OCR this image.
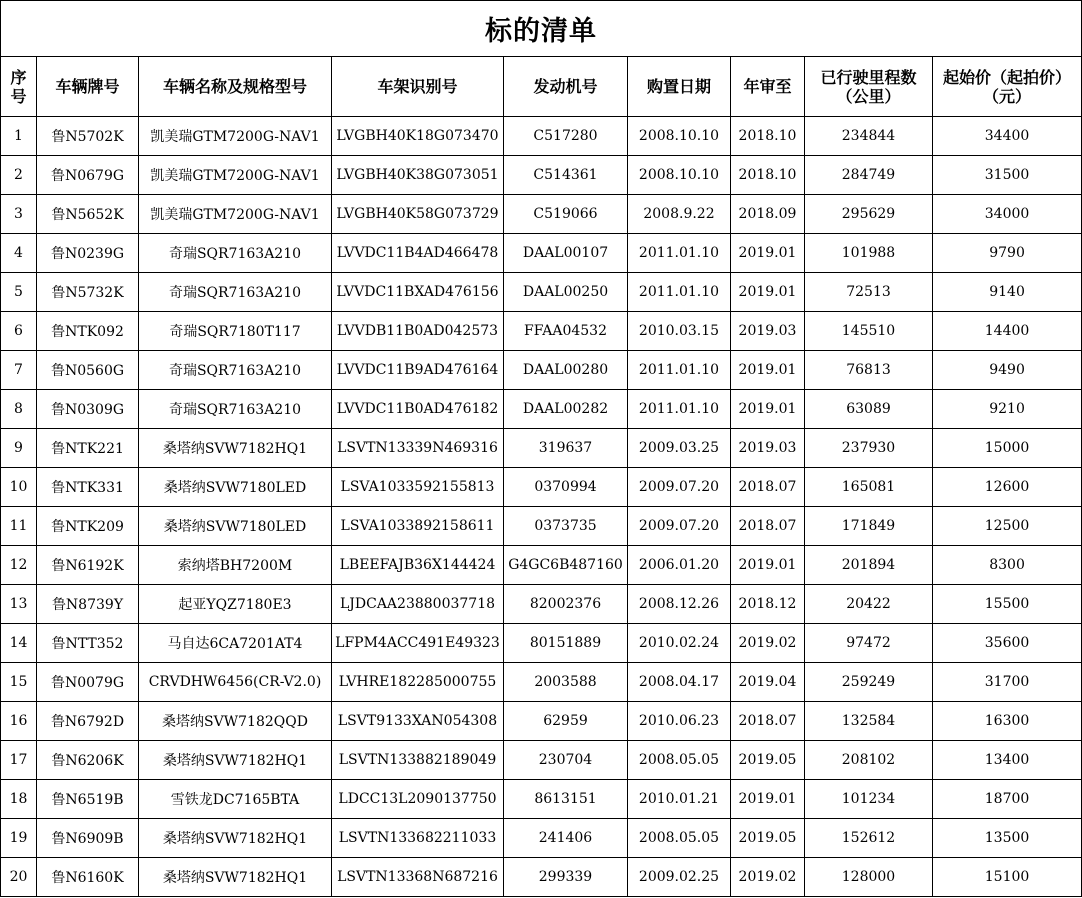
标的清单								
序号	车辆牌号	车辆名称及规格型号	车架识别号	发动机号	购置日期	年审至	已行驶里程数（公里）	起始价（起拍价）（元）
1	鲁N5702K	凯美瑞GTM7200G-NAV1	LVGBH40K18G073470	C517280	2008.10.10	2018.10	234844	34400
2	鲁N0679G	凯美瑞GTM7200G-NAV1	LVGBH40K38G073051	C514361	2008.10.10	2018.10	284749	31500
3	鲁N5652K	凯美瑞GTM7200G-NAV1	LVGBH40K58G073729	C519066	2008.9.22	2018.09	295629	34000
4	鲁N0239G	奇瑞SQR7163A210	LVVDC11B4AD466478	DAAL00107	2011.01.10	2019.01	101988	9790
5	鲁N5732K	奇瑞SQR7163A210	LVVDC11BXAD476156	DAAL00250	2011.01.10	2019.01	72513	9140
6	鲁NTK092	奇瑞SQR7180T117	LVVDB11B0AD042573	FFAA04532	2010.03.15	2019.03	145510	14400
7	鲁N0560G	奇瑞SQR7163A210	LVVDC11B9AD476164	DAAL00280	2011.01.10	2019.01	76813	9490
8	鲁N0309G	奇瑞SQR7163A210	LVVDC11B0AD476182	DAAL00282	2011.01.10	2019.01	63089	9210
9	鲁NTK221	桑塔纳SVW7182HQ1	LSVTN13339N469316	319637	2009.03.25	2019.03	237930	15000
10	鲁NTK331	桑塔纳SVW7180LED	LSVA1033592155813	0370994	2009.07.20	2018.07	165081	12600
11	鲁NTK209	桑塔纳SVW7180LED	LSVA1033892158611	0373735	2009.07.20	2018.07	171849	12500
12	鲁N6192K	索纳塔BH7200M	LBEEFAJB36X144424	G4GC6B487160	2006.01.20	2019.01	201894	8300
13	鲁N8739Y	起亚YQZ7180E3	LJDCAA23880037718	82002376	2008.12.26	2018.12	20422	15500
14	鲁NTT352	马自达6CA7201AT4	LFPM4ACC491E49323	80151889	2010.02.24	2019.02	97472	35600
15	鲁N0079G	CRVDHW6456(CR-V2.0)	LVHRE182285000755	2003588	2008.04.17	2019.04	259249	31700
16	鲁N6792D	桑塔纳SVW7182QQD	LSVT9133XAN054308	62959	2010.06.23	2018.07	132584	16300
17	鲁N6206K	桑塔纳SVW7182HQ1	LSVTN133882189049	230704	2008.05.05	2019.05	208102	13400
18	鲁N6519B	雪铁龙DC7165BTA	LDCC13L2090137750	8613151	2010.01.21	2019.01	101234	18700
19	鲁N6909B	桑塔纳SVW7182HQ1	LSVTN133682211033	241406	2008.05.05	2019.05	152612	13500
20	鲁N6160K	桑塔纳SVW7182HQ1	LSVTN13368N687216	299339	2009.02.25	2019.02	128000	15100
